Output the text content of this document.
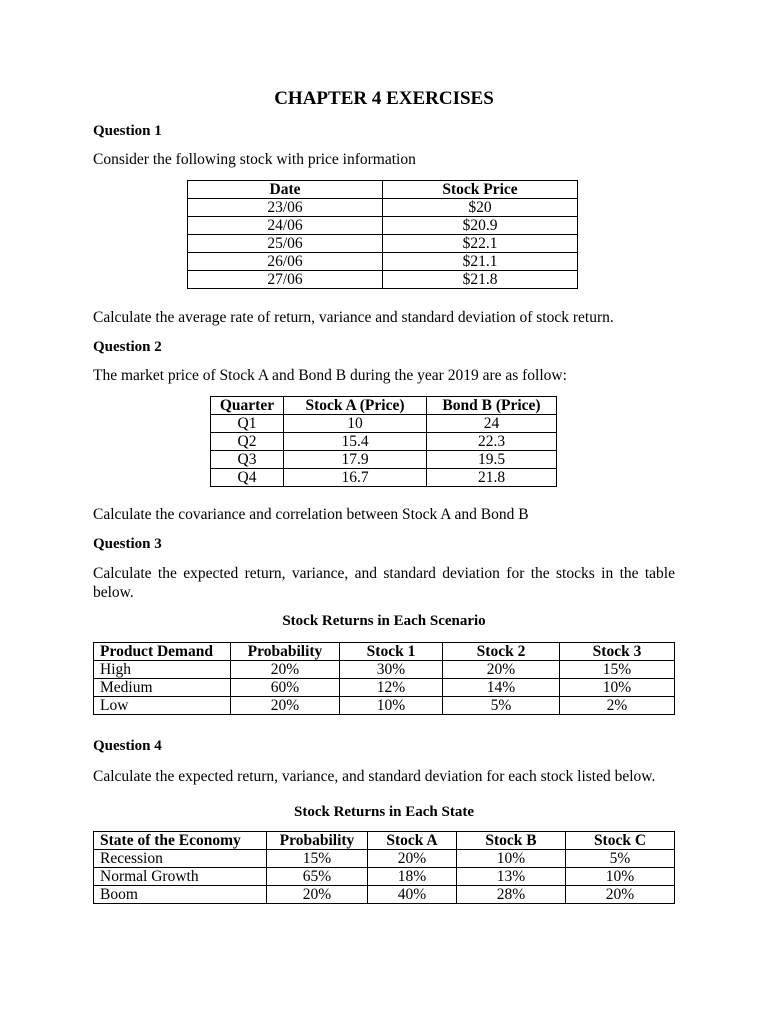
CHAPTER 4 EXERCISES
Question 1
Consider the following stock with price information
Date	Stock Price
23/06	$20
24/06	$20.9
25/06	$22.1
26/06	$21.1
27/06	$21.8
Calculate the average rate of return, variance and standard deviation of stock return.
Question 2
The market price of Stock A and Bond B during the year 2019 are as follow:
Quarter	Stock A (Price)	Bond B (Price)
Q1	10	24
Q2	15.4	22.3
Q3	17.9	19.5
Q4	16.7	21.8
Calculate the covariance and correlation between Stock A and Bond B
Question 3
Calculate the expected return, variance, and standard deviation for the stocks in the table below.
Stock Returns in Each Scenario
Product Demand	Probability	Stock 1	Stock 2	Stock 3
High	20%	30%	20%	15%
Medium	60%	12%	14%	10%
Low	20%	10%	5%	2%
Question 4
Calculate the expected return, variance, and standard deviation for each stock listed below.
Stock Returns in Each State
State of the Economy	Probability	Stock A	Stock B	Stock C
Recession	15%	20%	10%	5%
Normal Growth	65%	18%	13%	10%
Boom	20%	40%	28%	20%
